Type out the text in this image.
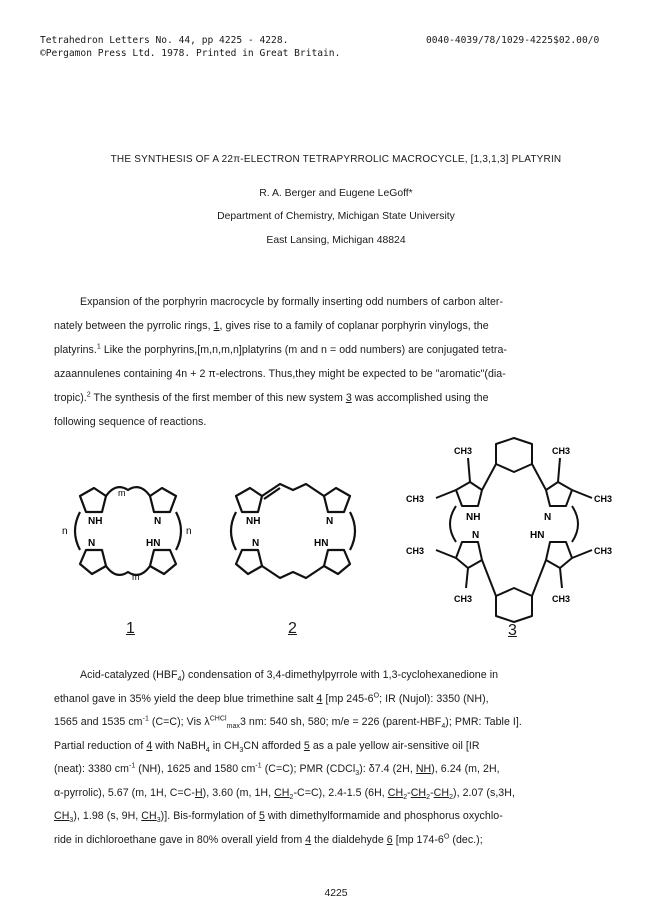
Tetrahedron Letters No. 44, pp 4225 - 4228.
©Pergamon Press Ltd. 1978. Printed in Great Britain.
0040-4039/78/1029-4225$02.00/0
THE SYNTHESIS OF A 22π-ELECTRON TETRAPYRROLIC MACROCYCLE, [1,3,1,3] PLATYRIN
R. A. Berger and Eugene LeGoff*
Department of Chemistry, Michigan State University
East Lansing, Michigan 48824

Expansion of the porphyrin macrocycle by formally inserting odd numbers of carbon alter-

nately between the pyrrolic rings, 1, gives rise to a family of coplanar porphyrin vinylogs, the

platyrins.$^1$ Like the porphyrins,[m,n,m,n]platyrins (m and n = odd numbers) are conjugated tetra-

azaannulenes containing 4n + 2 π-electrons. Thus,they might be expected to be "aromatic"(dia-

tropic).$^2$ The synthesis of the first member of this new system 3 was accomplished using the

following sequence of reactions.

m
m
n	n
NH	N
N	HN
1
NH	N
N	HN
2
CH3	CH3
CH3	CH3
CH3	CH3
CH3	CH3
NH	N
N	HN
3

Acid-catalyzed $(HBF_4)$ condensation of 3,4-dimethylpyrrole with 1,3-cyclohexanedione in

ethanol gave in 35% yield the deep blue trimethine salt 4 [mp $245-6^O$; IR (Nujol): 3350 (NH),

1565 and 1535 $cm^{-1}$ (C=C); Vis $\lambda^{CHCl}_{max}3$ nm: 540 sh, 580; m/e = 226 $(parent-HBF_4)$; PMR: Table I].

Partial reduction of 4 with NaBH$_4$ in $CH_3CN$ afforded 5 as a pale yellow air-sensitive oil [IR

(neat): 3380 $cm^{-1}$ (NH), 1625 and 1580 $cm^{-1}$ (C=C); PMR (CDCl$_3$): δ7.4 (2H, NH), 6.24 (m, 2H,

α-pyrrolic), 5.67 (m, 1H, C=C-H), 3.60 (m, 1H, $CH_2-C=C$), 2.4-1.5 (6H, $CH_2-CH_2-CH_2$), 2.07 (s,3H,

$CH_3$), 1.98 (s, 9H, $CH_3$)]. Bis-formylation of 5 with dimethylformamide and phosphorus oxychlo-

ride in dichloroethane gave in 80% overall yield from 4 the dialdehyde 6 [mp $174-6^O$ (dec.);

4225
